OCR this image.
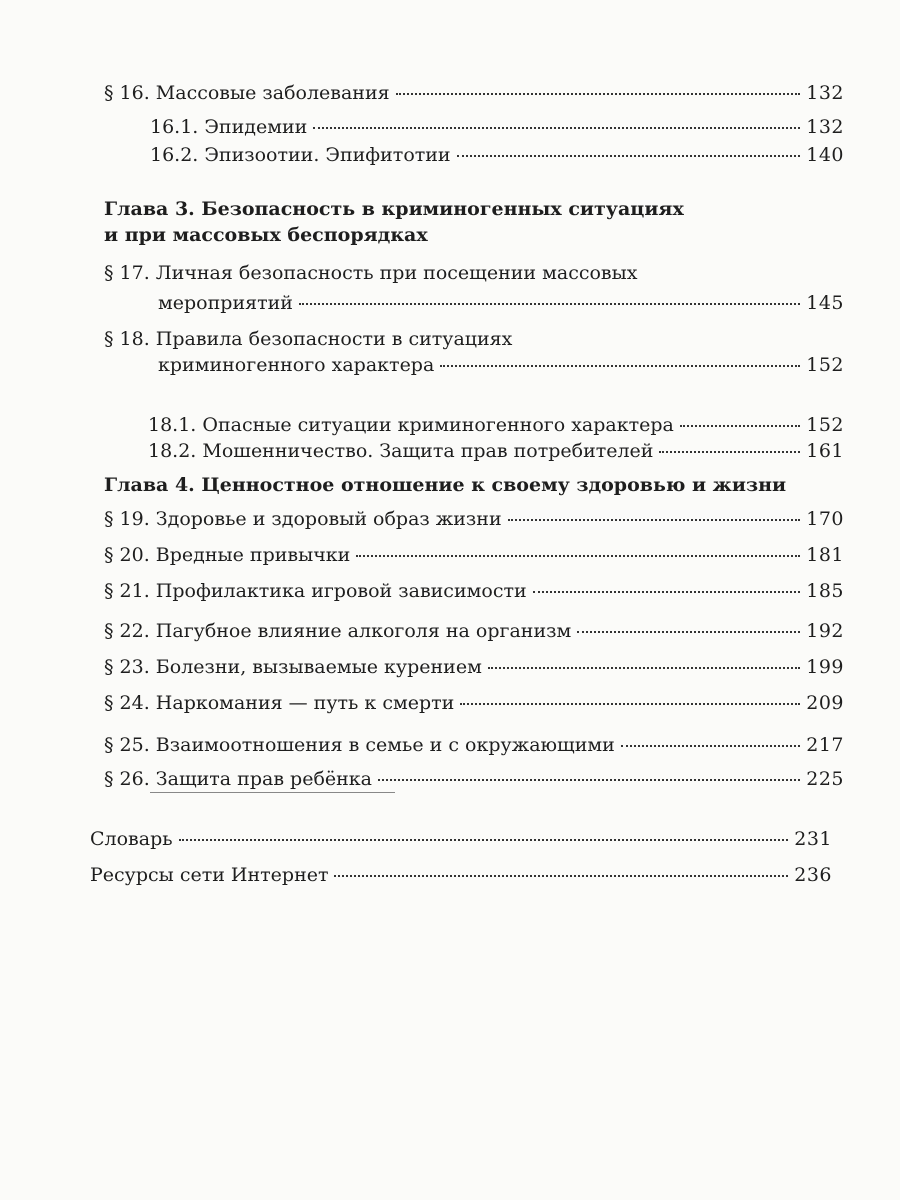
§ 16. Массовые заболевания	132
16.1. Эпидемии	132
16.2. Эпизоотии. Эпифитотии	140
Глава 3. Безопасность в криминогенных ситуациях
и при массовых беспорядках
§ 17. Личная безопасность при посещении массовых
мероприятий	145
§ 18. Правила безопасности в ситуациях
криминогенного характера	152
18.1. Опасные ситуации криминогенного характера	152
18.2. Мошенничество. Защита прав потребителей	161
Глава 4. Ценностное отношение к своему здоровью и жизни
§ 19. Здоровье и здоровый образ жизни	170
§ 20. Вредные привычки	181
§ 21. Профилактика игровой зависимости	185
§ 22. Пагубное влияние алкоголя на организм	192
§ 23. Болезни, вызываемые курением	199
§ 24. Наркомания — путь к смерти	209
§ 25. Взаимоотношения в семье и с окружающими	217
§ 26. Защита прав ребёнка	225
Словарь	231
Ресурсы сети Интернет	236
